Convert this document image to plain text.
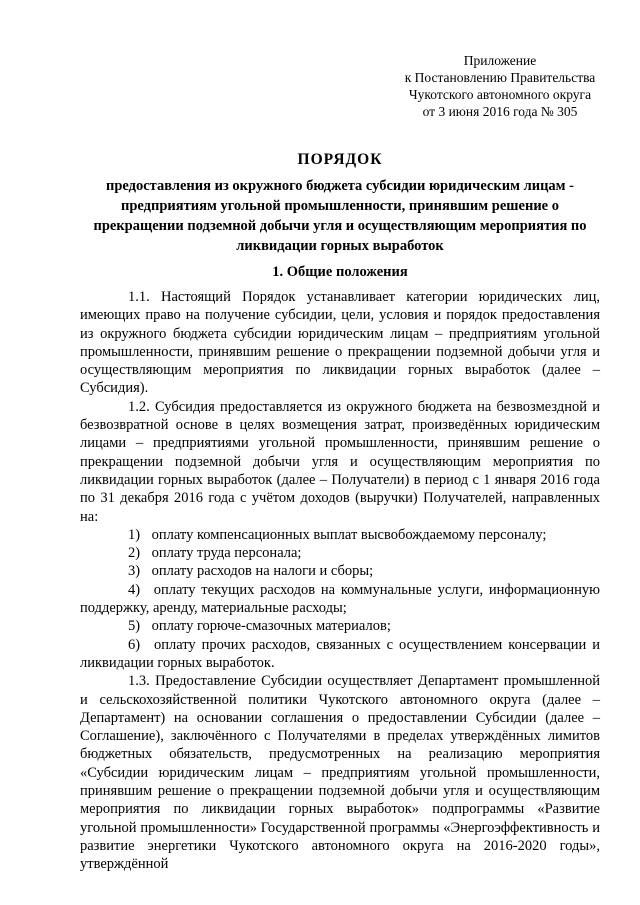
Приложение
к Постановлению Правительства
Чукотского автономного округа
от 3 июня 2016 года № 305
ПОРЯДОК
предоставления из окружного бюджета субсидии юридическим лицам - предприятиям угольной промышленности, принявшим решение о прекращении подземной добычи угля и осуществляющим мероприятия по ликвидации горных выработок
1. Общие положения

1.1. Настоящий Порядок устанавливает категории юридических лиц, имеющих право на получение субсидии, цели, условия и порядок предоставления из окружного бюджета субсидии юридическим лицам – предприятиям угольной промышленности, принявшим решение о прекращении подземной добычи угля и осуществляющим мероприятия по ликвидации горных выработок (далее – Субсидия).

1.2. Субсидия предоставляется из окружного бюджета на безвозмездной и безвозвратной основе в целях возмещения затрат, произведённых юридическим лицами – предприятиями угольной промышленности, принявшим решение о прекращении подземной добычи угля и осуществляющим мероприятия по ликвидации горных выработок (далее – Получатели) в период с 1 января 2016 года по 31 декабря 2016 года с учётом доходов (выручки) Получателей, направленных на:

1) оплату компенсационных выплат высвобождаемому персоналу;

2) оплату труда персонала;

3) оплату расходов на налоги и сборы;

4) оплату текущих расходов на коммунальные услуги, информационную поддержку, аренду, материальные расходы;

5) оплату горюче-смазочных материалов;

6) оплату прочих расходов, связанных с осуществлением консервации и ликвидации горных выработок.

1.3. Предоставление Субсидии осуществляет Департамент промышленной и сельскохозяйственной политики Чукотского автономного округа (далее – Департамент) на основании соглашения о предоставлении Субсидии (далее – Соглашение), заключённого с Получателями в пределах утверждённых лимитов бюджетных обязательств, предусмотренных на реализацию мероприятия «Субсидии юридическим лицам – предприятиям угольной промышленности, принявшим решение о прекращении подземной добычи угля и осуществляющим мероприятия по ликвидации горных выработок» подпрограммы «Развитие угольной промышленности» Государственной программы «Энергоэффективность и развитие энергетики Чукотского автономного округа на 2016-2020 годы», утверждённой
